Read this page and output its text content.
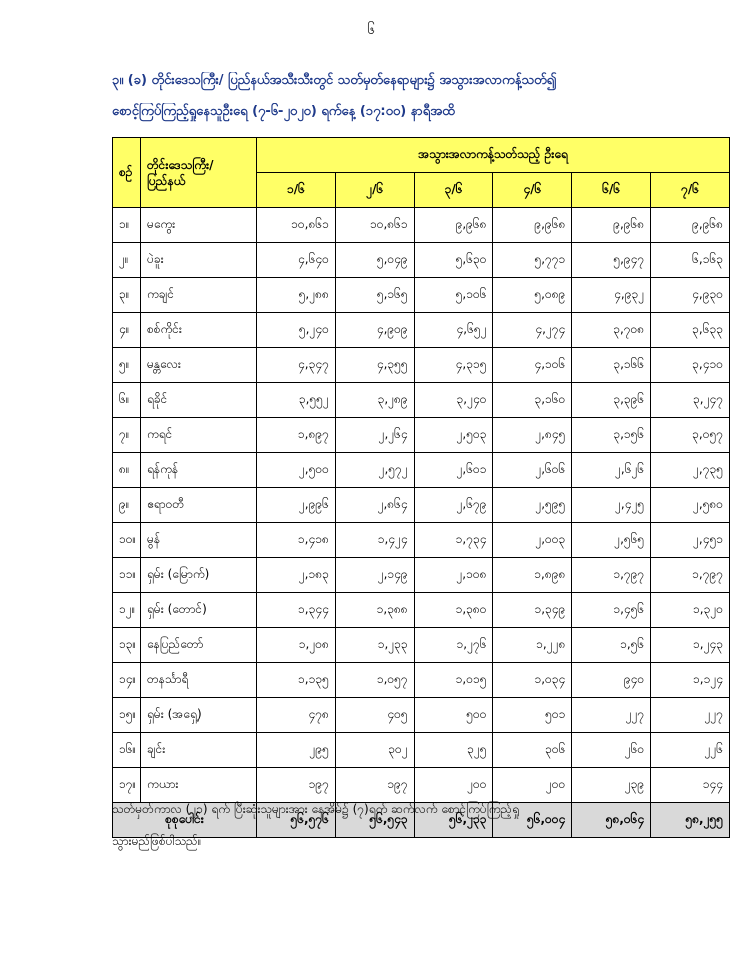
၆
၃။ (ခ) တိုင်းဒေသကြီး/ ပြည်နယ်အသီးသီးတွင် သတ်မှတ်နေရာများ၌ အသွားအလာကန့်သတ်၍
စောင့်ကြပ်ကြည့်ရှုနေသူဦးရေ (၇-၆-၂၀၂၀) ရက်နေ့ (၁၇:၀၀) နာရီအထိ
စဉ်	တိုင်းဒေသကြီး/ ပြည်နယ်	အသွားအလာကန့်သတ်သည့် ဦးရေ					
		၁/၆	၂/၆	၃/၆	၄/၆	၆/၆	၇/၆
၁။	မကွေး	၁၀,၈၆၁	၁၀,၈၆၁	၉,၉၆၈	၉,၉၆၈	၉,၉၆၈	၉,၉၆၈
၂။	ပဲခူး	၄,၆၄၀	၅,၀၄၉	၅,၆၃၀	၅,၇၇၁	၅,၉၄၇	၆,၁၆၃
၃။	ကချင်	၅,၂၈၈	၅,၁၆၅	၅,၁၀၆	၅,၀၈၉	၄,၉၃၂	၄,၉၃၀
၄။	စစ်ကိုင်း	၅,၂၄၀	၄,၉၀၉	၄,၆၅၂	၄,၂၇၄	၃,၇၀၈	၃,၆၃၃
၅။	မန္တလေး	၄,၃၄၇	၄,၃၅၅	၄,၃၁၅	၄,၁၀၆	၃,၁၆၆	၃,၄၁၀
၆။	ရခိုင်	၃,၅၅၂	၃,၂၈၉	၃,၂၄၀	၃,၁၆၀	၃,၃၉၆	၃,၂၄၇
၇။	ကရင်	၁,၈၉၇	၂,၂၆၄	၂,၅၀၃	၂,၈၄၅	၃,၁၅၆	၃,၀၅၇
၈။	ရန်ကုန်	၂,၅၀၀	၂,၅၇၂	၂,၆၀၁	၂,၆၀၆	၂,၆၂၆	၂,၇၃၅
၉။	ဧရာဝတီ	၂,၉၉၆	၂,၈၆၄	၂,၆၇၉	၂,၅၉၅	၂,၄၂၅	၂,၅၈၀
၁၀။	မွန်	၁,၄၁၈	၁,၄၂၄	၁,၇၃၄	၂,၀၀၃	၂,၅၆၅	၂,၄၅၁
၁၁။	ရှမ်း (မြောက်)	၂,၁၈၃	၂,၁၄၉	၂,၁၀၈	၁,၈၉၈	၁,၇၉၇	၁,၇၉၇
၁၂။	ရှမ်း (တောင်)	၁,၃၄၄	၁,၃၈၈	၁,၃၈၀	၁,၃၄၉	၁,၄၅၆	၁,၃၂၀
၁၃။	နေပြည်တော်	၁,၂၀၈	၁,၂၃၃	၁,၂၇၆	၁,၂၂၈	၁,၅၆	၁,၂၄၃
၁၄။	တနင်္သာရီ	၁,၁၃၅	၁,၀၅၇	၁,၀၁၅	၁,၀၃၄	၉၄၀	၁,၁၂၄
၁၅။	ရှမ်း (အရှေ့)	၄၇၈	၄၀၅	၅၀၀	၅၀၁	၂၂၇	၂၂၇
၁၆။	ချင်း	၂၉၅	၃၀၂	၃၂၅	၃၀၆	၂၆၀	၂၂၆
၁၇။	ကယား	၁၉၇	၁၉၇	၂၀၀	၂၀၀	၂၃၉	၁၄၄
စုစုပေါင်း		၅၆,၅၇၆	၅၆,၅၄၃	၅၆,၂၃၃	၅၆,၀၀၄	၅၈,၀၆၄	၅၈,၂၅၅
သတ်မှတ်ကာလ (၂၁) ရက် ပြီးဆုံးသူများအား နေအိမ်၌ (၇)ရက် ဆက်လက် စောင့်ကြပ်ကြည့်ရှု
သွားမည်ဖြစ်ပါသည်။
